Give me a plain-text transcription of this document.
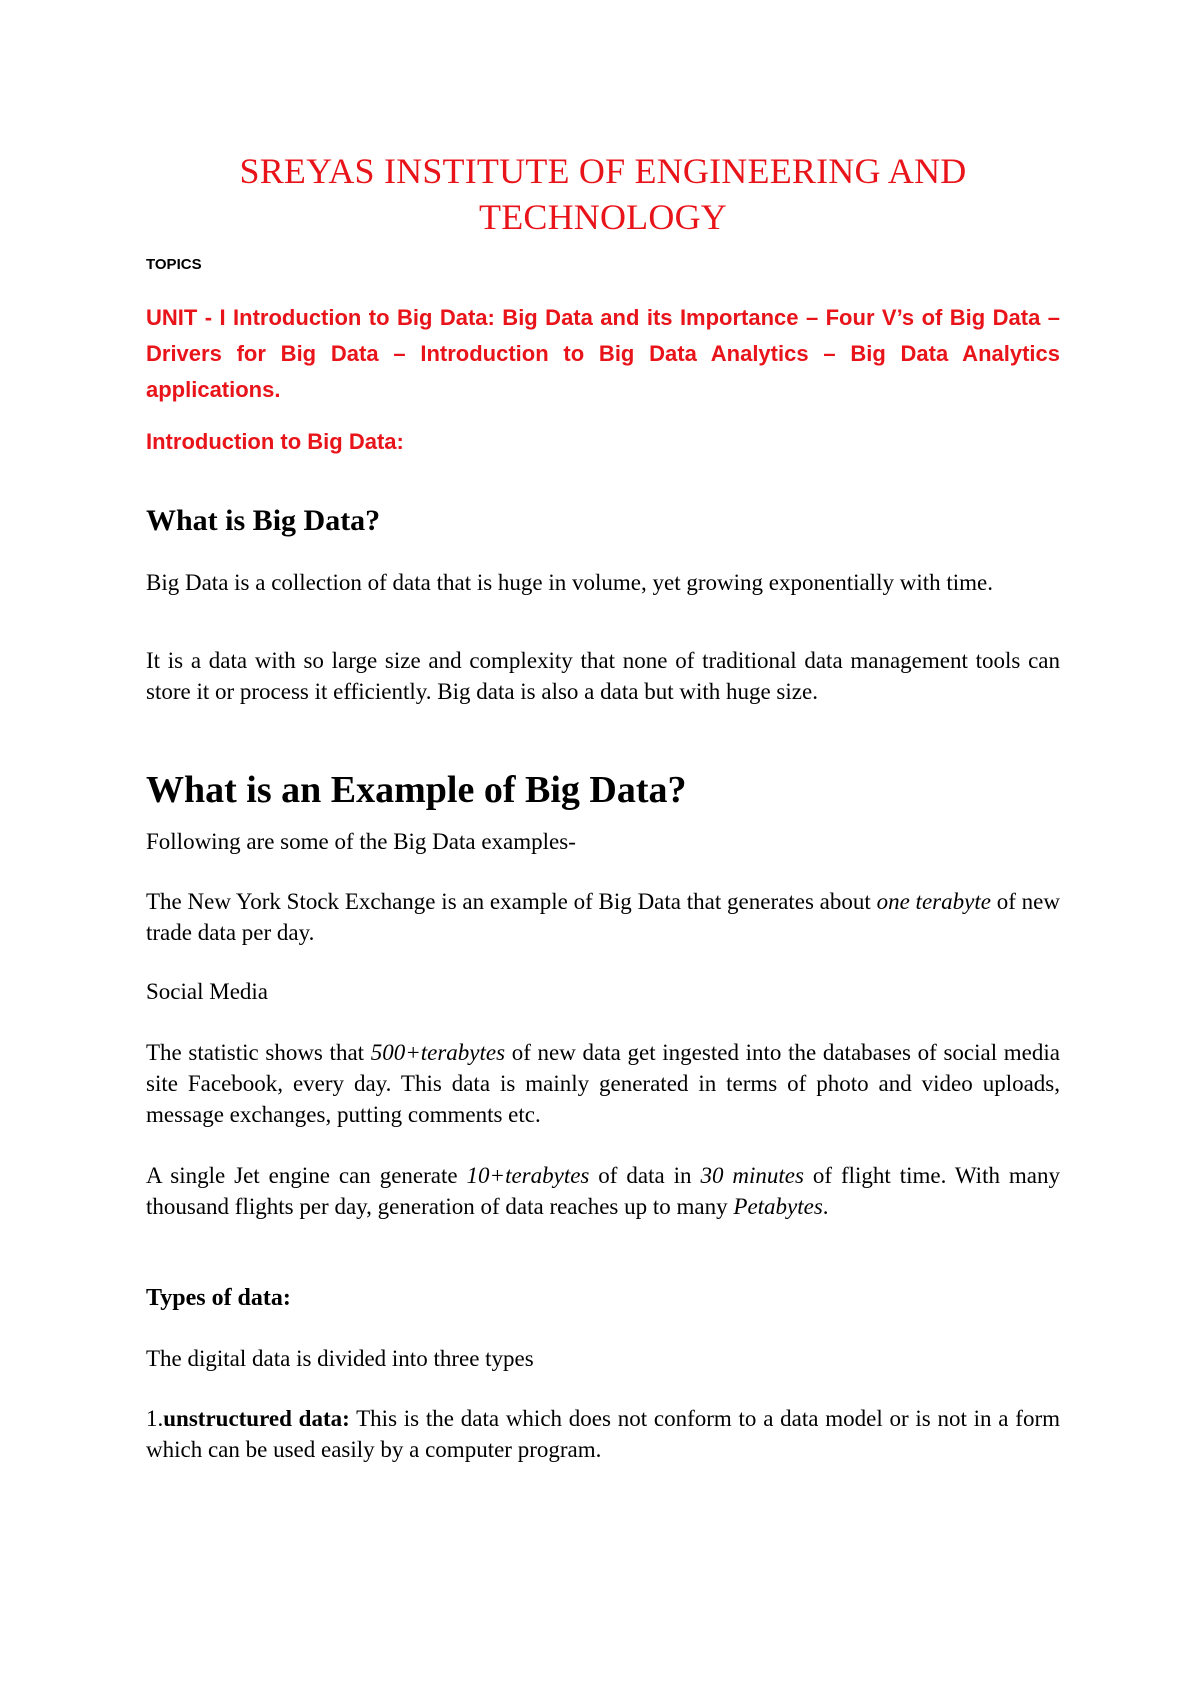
SREYAS INSTITUTE OF ENGINEERING AND
TECHNOLOGY
TOPICS
UNIT - I Introduction to Big Data: Big Data and its Importance – Four V’s of Big Data – Drivers for Big Data – Introduction to Big Data Analytics – Big Data Analytics applications.
Introduction to Big Data:
What is Big Data?
Big Data is a collection of data that is huge in volume, yet growing exponentially with time.
It is a data with so large size and complexity that none of traditional data management tools can store it or process it efficiently. Big data is also a data but with huge size.
What is an Example of Big Data?
Following are some of the Big Data examples-
The New York Stock Exchange is an example of Big Data that generates about one terabyte of new trade data per day.
Social Media
The statistic shows that 500+terabytes of new data get ingested into the databases of social media site Facebook, every day. This data is mainly generated in terms of photo and video uploads, message exchanges, putting comments etc.
A single Jet engine can generate 10+terabytes of data in 30 minutes of flight time. With many thousand flights per day, generation of data reaches up to many Petabytes.
Types of data:
The digital data is divided into three types
1.unstructured data: This is the data which does not conform to a data model or is not in a form which can be used easily by a computer program.
